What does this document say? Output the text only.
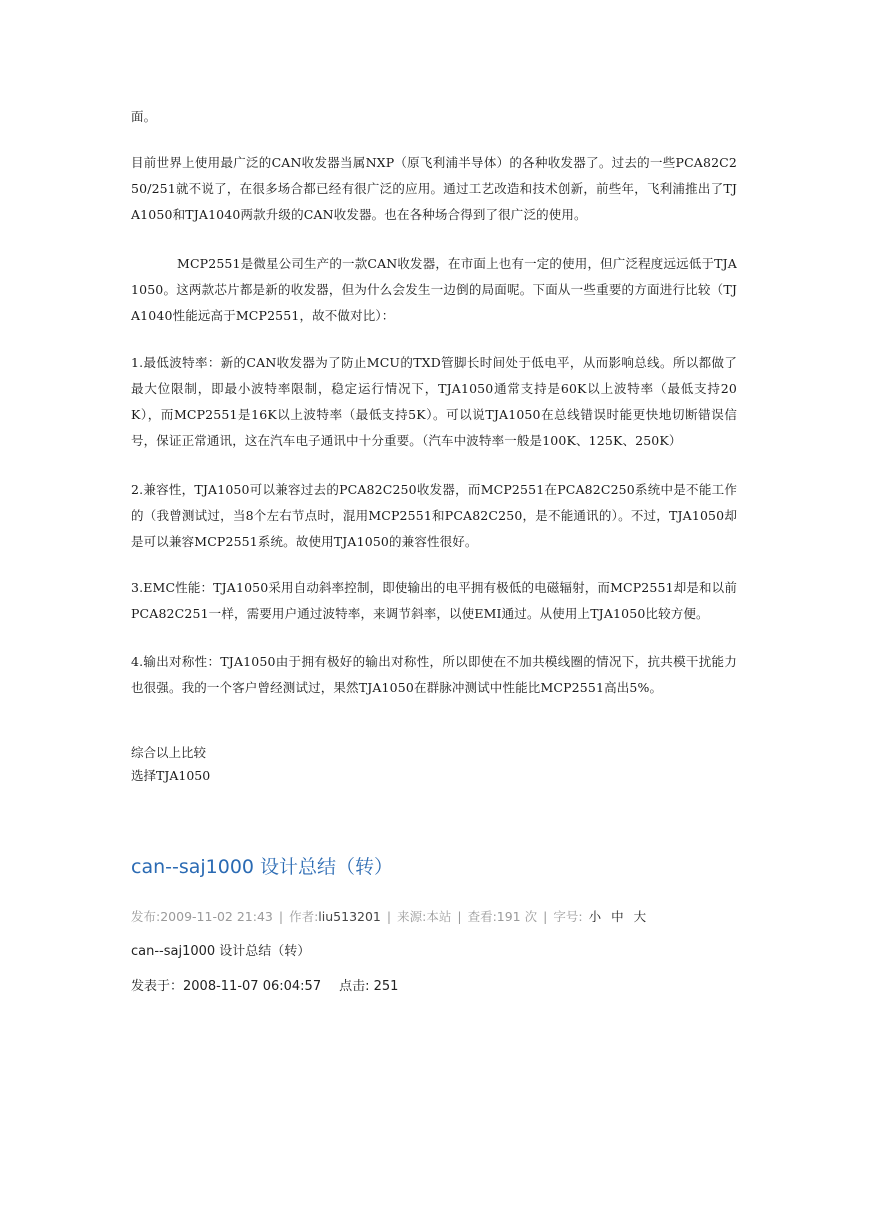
面。

目前世界上使用最广泛的CAN收发器当属NXP（原飞利浦半导体）的各种收发器了。过去的一些PCA82C250/251就不说了，在很多场合都已经有很广泛的应用。通过工艺改造和技术创新，前些年，飞利浦推出了TJA1050和TJA1040两款升级的CAN收发器。也在各种场合得到了很广泛的使用。

MCP2551是微星公司生产的一款CAN收发器，在市面上也有一定的使用，但广泛程度远远低于TJA1050。这两款芯片都是新的收发器，但为什么会发生一边倒的局面呢。下面从一些重要的方面进行比较（TJA1040性能远高于MCP2551，故不做对比）：

1.最低波特率：新的CAN收发器为了防止MCU的TXD管脚长时间处于低电平，从而影响总线。所以都做了最大位限制，即最小波特率限制，稳定运行情况下，TJA1050通常支持是60K以上波特率（最低支持20K），而MCP2551是16K以上波特率（最低支持5K）。可以说TJA1050在总线错误时能更快地切断错误信号，保证正常通讯，这在汽车电子通讯中十分重要。（汽车中波特率一般是100K、125K、250K）

2.兼容性，TJA1050可以兼容过去的PCA82C250收发器，而MCP2551在PCA82C250系统中是不能工作的（我曾测试过，当8个左右节点时，混用MCP2551和PCA82C250，是不能通讯的）。不过，TJA1050却是可以兼容MCP2551系统。故使用TJA1050的兼容性很好。

3.EMC性能：TJA1050采用自动斜率控制，即使输出的电平拥有极低的电磁辐射，而MCP2551却是和以前PCA82C251一样，需要用户通过波特率，来调节斜率，以使EMI通过。从使用上TJA1050比较方便。

4.输出对称性：TJA1050由于拥有极好的输出对称性，所以即使在不加共模线圈的情况下，抗共模干扰能力也很强。我的一个客户曾经测试过，果然TJA1050在群脉冲测试中性能比MCP2551高出5%。

综合以上比较

选择TJA1050

can--saj1000 设计总结（转）
发布:2009-11-02 21:43 | 作者:liu513201 | 来源:本站 | 查看:191 次 | 字号: 小 中 大
can--saj1000 设计总结（转）
发表于：2008-11-07 06:04:57 点击: 251
